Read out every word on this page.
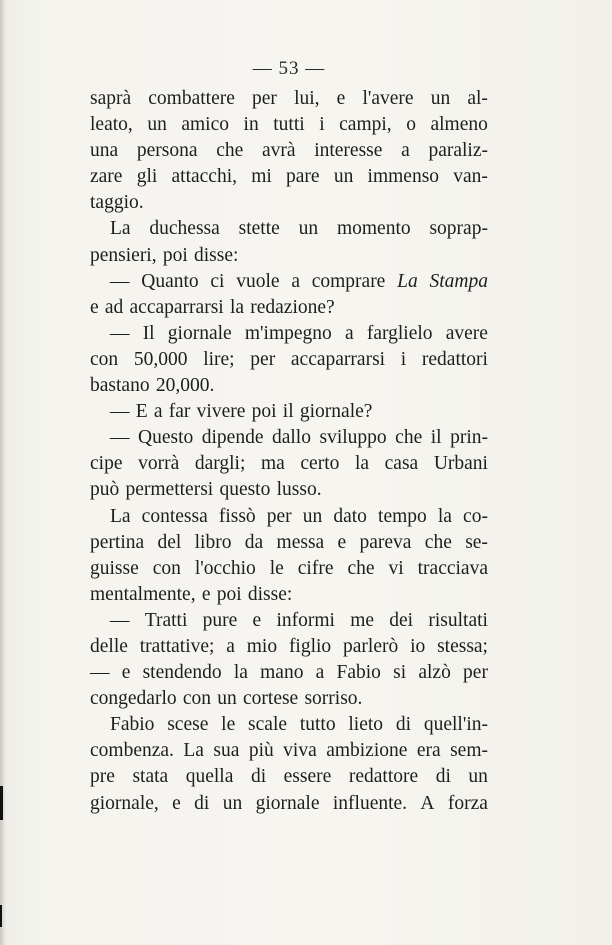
— 53 —
saprà combattere per lui, e l'avere un al-
leato, un amico in tutti i campi, o almeno
una persona che avrà interesse a paraliz-
zare gli attacchi, mi pare un immenso van-
taggio.
La duchessa stette un momento soprap-
pensieri, poi disse:
— Quanto ci vuole a comprare La Stampa
e ad accaparrarsi la redazione?
— Il giornale m'impegno a farglielo avere
con 50,000 lire; per accaparrarsi i redattori
bastano 20,000.
— E a far vivere poi il giornale?
— Questo dipende dallo sviluppo che il prin-
cipe vorrà dargli; ma certo la casa Urbani
può permettersi questo lusso.
La contessa fissò per un dato tempo la co-
pertina del libro da messa e pareva che se-
guisse con l'occhio le cifre che vi tracciava
mentalmente, e poi disse:
— Tratti pure e informi me dei risultati
delle trattative; a mio figlio parlerò io stessa;
— e stendendo la mano a Fabio si alzò per
congedarlo con un cortese sorriso.
Fabio scese le scale tutto lieto di quell'in-
combenza. La sua più viva ambizione era sem-
pre stata quella di essere redattore di un
giornale, e di un giornale influente. A forza
